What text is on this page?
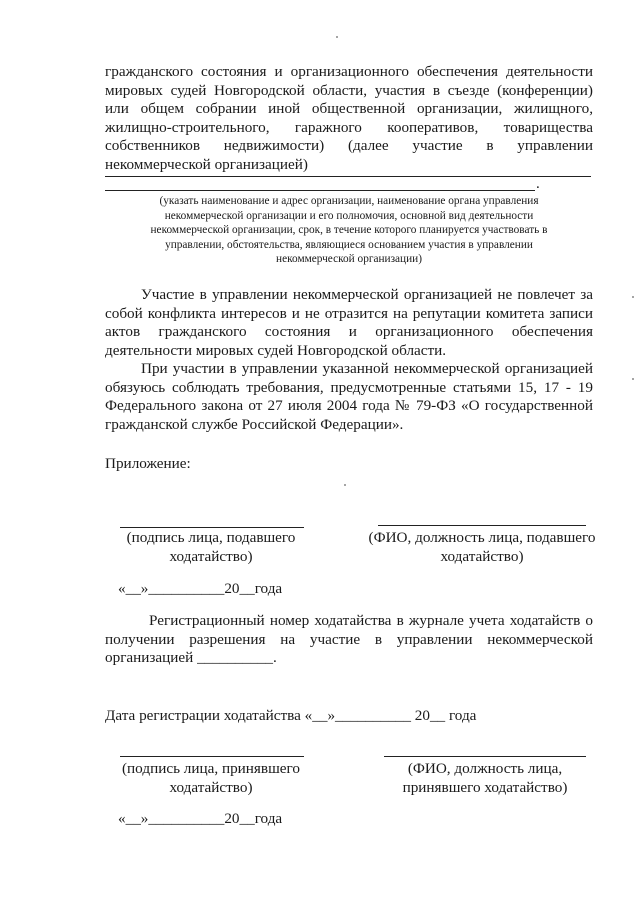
гражданского состояния и организационного обеспечения деятельности
мировых судей Новгородской области, участия в съезде (конференции)
или общем собрании иной общественной организации, жилищного,
жилищно-строительного, гаражного кооперативов, товарищества
собственников недвижимости) (далее участие в управлении
некоммерческой организацией)
.
(указать наименование и адрес организации, наименование органа управления
некоммерческой организации и его полномочия, основной вид деятельности
некоммерческой организации, срок, в течение которого планируется участвовать в
управлении, обстоятельства, являющиеся основанием участия в управлении
некоммерческой организации)
Участие в управлении некоммерческой организацией не повлечет за
собой конфликта интересов и не отразится на репутации комитета записи
актов гражданского состояния и организационного обеспечения
деятельности мировых судей Новгородской области.
При участии в управлении указанной некоммерческой организацией
обязуюсь соблюдать требования, предусмотренные статьями 15, 17 - 19
Федерального закона от 27 июля 2004 года № 79-ФЗ «О государственной
гражданской службе Российской Федерации».
Приложение:
(подпись лица, подавшего
ходатайство)
(ФИО, должность лица, подавшего
ходатайство)
«__»__________20__года
Регистрационный номер ходатайства в журнале учета ходатайств о
получении разрешения на участие в управлении некоммерческой
организацией __________.
Дата регистрации ходатайства «__»__________ 20__ года
(подпись лица, принявшего
ходатайство)
(ФИО, должность лица,
принявшего ходатайство)
«__»__________20__года
